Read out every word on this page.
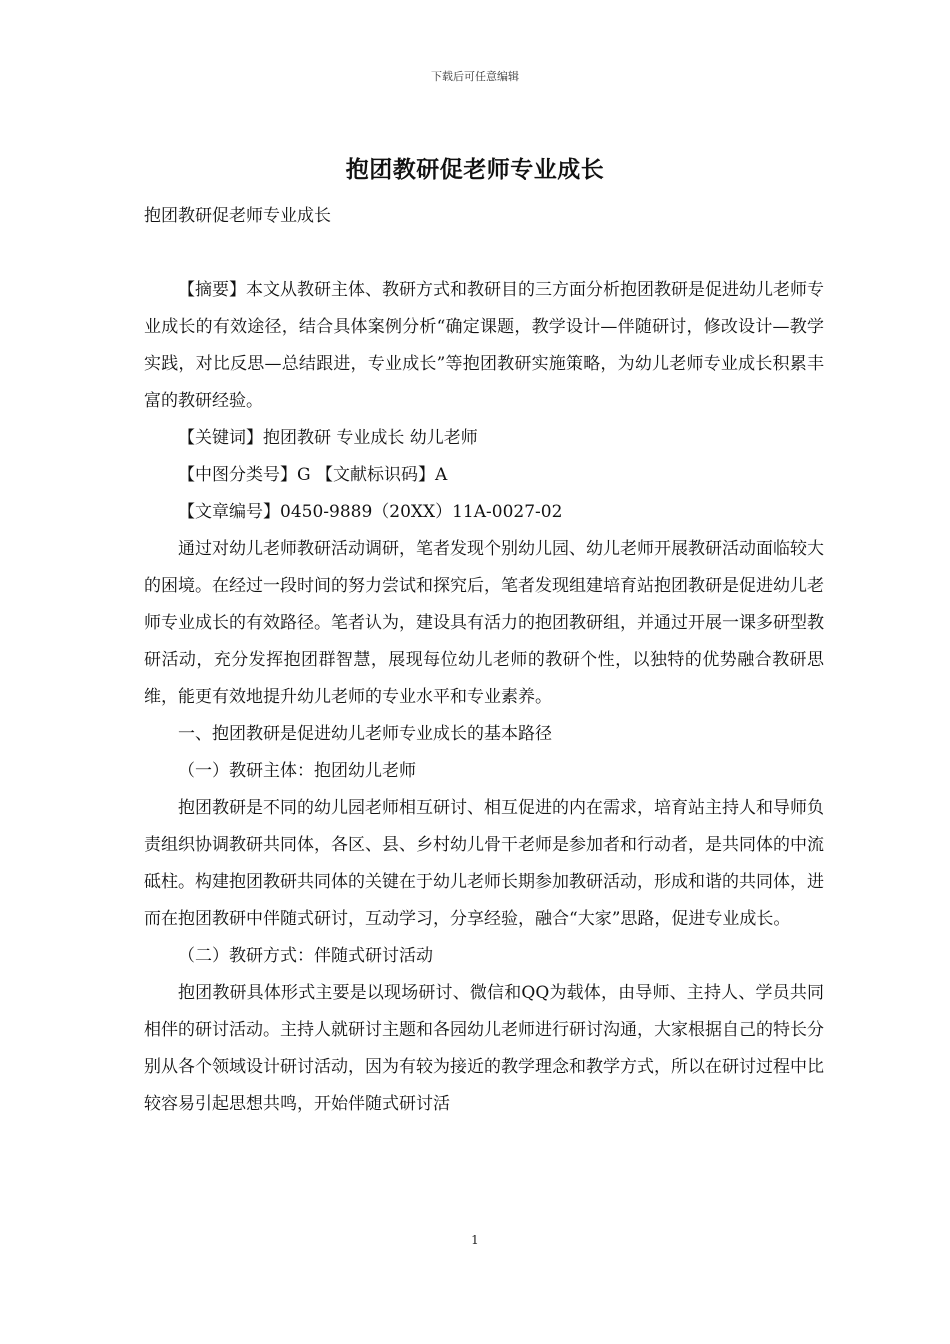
下载后可任意编辑
抱团教研促老师专业成长

抱团教研促老师专业成长

【摘要】本文从教研主体、教研方式和教研目的三方面分析抱团教研是促进幼儿老师专业成长的有效途径，结合具体案例分析“确定课题，教学设计—伴随研讨，修改设计—教学实践，对比反思—总结跟进，专业成长”等抱团教研实施策略，为幼儿老师专业成长积累丰富的教研经验。

【关键词】抱团教研 专业成长 幼儿老师

【中图分类号】G 【文献标识码】A

【文章编号】0450-9889（20XX）11A-0027-02

通过对幼儿老师教研活动调研，笔者发现个别幼儿园、幼儿老师开展教研活动面临较大的困境。在经过一段时间的努力尝试和探究后，笔者发现组建培育站抱团教研是促进幼儿老师专业成长的有效路径。笔者认为，建设具有活力的抱团教研组，并通过开展一课多研型教研活动，充分发挥抱团群智慧，展现每位幼儿老师的教研个性，以独特的优势融合教研思维，能更有效地提升幼儿老师的专业水平和专业素养。

一、抱团教研是促进幼儿老师专业成长的基本路径

（一）教研主体：抱团幼儿老师

抱团教研是不同的幼儿园老师相互研讨、相互促进的内在需求，培育站主持人和导师负责组织协调教研共同体，各区、县、乡村幼儿骨干老师是参加者和行动者，是共同体的中流砥柱。构建抱团教研共同体的关键在于幼儿老师长期参加教研活动，形成和谐的共同体，进而在抱团教研中伴随式研讨，互动学习，分享经验，融合“大家”思路，促进专业成长。

（二）教研方式：伴随式研讨活动

抱团教研具体形式主要是以现场研讨、微信和QQ为载体，由导师、主持人、学员共同相伴的研讨活动。主持人就研讨主题和各园幼儿老师进行研讨沟通，大家根据自己的特长分别从各个领域设计研讨活动，因为有较为接近的教学理念和教学方式，所以在研讨过程中比较容易引起思想共鸣，开始伴随式研讨活

1
